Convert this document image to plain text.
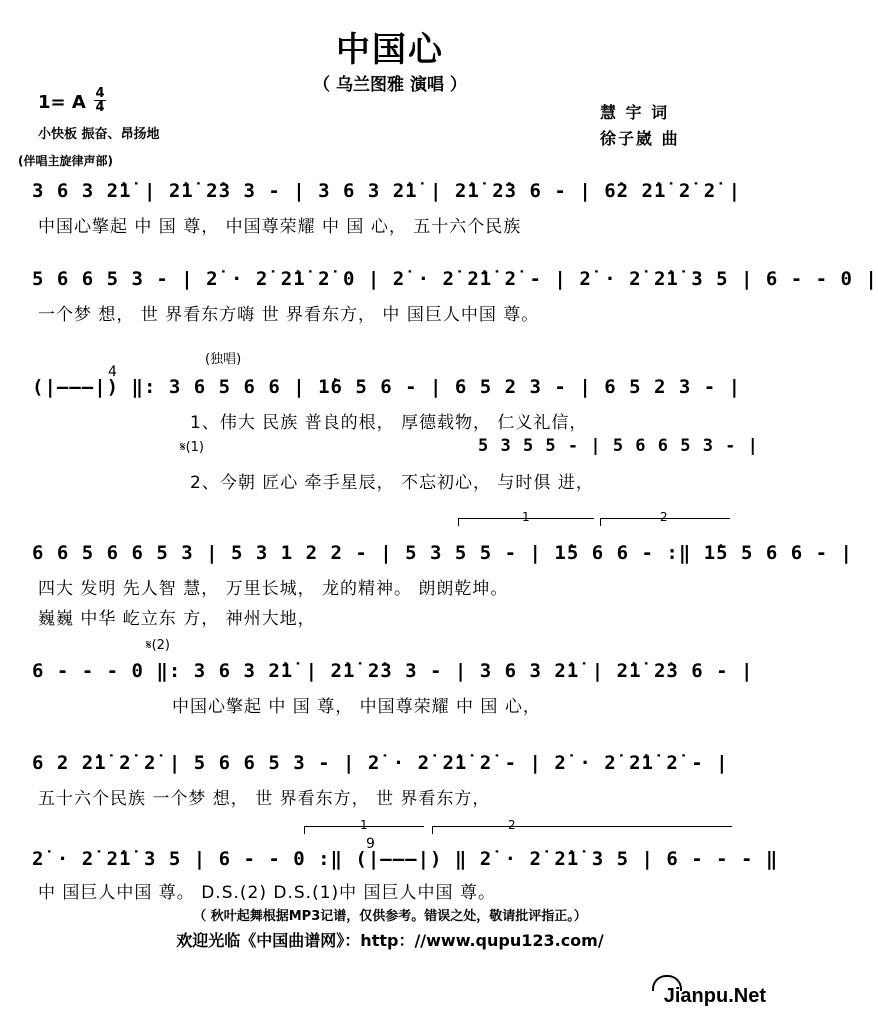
中国心
（ 乌兰图雅 演唱 ）
1= A 4
4
小快板 振奋、昂扬地
慧 宇 词
徐子崴 曲
(伴唱主旋律声部)
3 6 3 2̇1̇ | 2̇1̇ 2̇3 3 - | 3 6 3 2̇1̇ | 2̇1̇ 2̇3 6 - | 6̇2 2̇1̇ 2̇ 2̇ |
中国心擎起 中 国 尊， 中国尊荣耀 中 国 心， 五十六个民族
5 6 6 5 3 - | 2̇ · 2̇ 2̇1̇ 2̇ 0 | 2̇ · 2̇ 2̇1̇ 2̇ - | 2̇ · 2̇ 2̇1̇ 3 5 | 6 - - 0 |
一个梦 想， 世 界看东方嗨 世 界看东方， 中 国巨人中国 尊。
(独唱)
4
(|———|) ‖: 3 6 5 6 6 | 1̇6 5 6 - | 6 5 2 3 - | 6 5 2 3 - |
1、伟大 民族 普良的根， 厚德载物， 仁义礼信，
𝄋(1)	5 3 5 5 - | 5 6 6 5 3 - |
2、今朝 匠心 牵手星辰， 不忘初心， 与时俱 进，
1	2
6 6 5 6 6 5 3 | 5 3 1 2 2 - | 5 3 5 5 - | 1̇5 6 6 - :‖ 1̇5 5 6 6 - |
四大 发明 先人智 慧， 万里长城， 龙的精神。 朗朗乾坤。
巍巍 中华 屹立东 方， 神州大地，
𝄋(2)
6 - - - 0 ‖: 3 6 3 2̇1̇ | 2̇1̇ 2̇3 3 - | 3 6 3 2̇1̇ | 2̇1̇ 2̇3 6 - |
中国心擎起 中 国 尊， 中国尊荣耀 中 国 心，
6 2 2̇1̇ 2̇ 2̇ | 5 6 6 5 3 - | 2̇ · 2̇ 2̇1̇ 2̇ - | 2̇ · 2̇ 2̇1̇ 2̇ - |
五十六个民族 一个梦 想， 世 界看东方， 世 界看东方，
1	2
9
2̇ · 2̇ 2̇1̇ 3 5 | 6 - - 0 :‖ (|———|) ‖ 2̇ · 2̇ 2̇1̇ 3 5 | 6 - - - ‖
中 国巨人中国 尊。 D.S.(2) D.S.(1)中 国巨人中国 尊。
（ 秋叶起舞根据MP3记谱，仅供参考。错误之处，敬请批评指正。）
欢迎光临《中国曲谱网》：http：//www.qupu123.com/
Jianpu.Net
